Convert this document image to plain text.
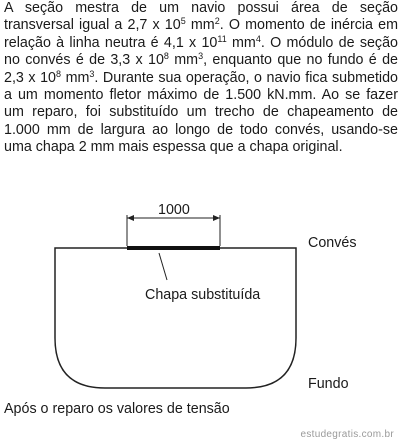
A seção mestra de um navio possui área de seção transversal igual a 2,7 x $10^5$ $mm^2$. O momento de inércia em relação à linha neutra é 4,1 x $10^{11}$ $mm^4$. O módulo de seção no convés é de 3,3 x $10^8$ $mm^3$, enquanto que no fundo é de 2,3 x $10^8$ $mm^3$. Durante sua operação, o navio fica submetido a um momento fletor máximo de 1.500 kN.mm. Ao se fazer um reparo, foi substituído um trecho de chapeamento de 1.000 mm de largura ao longo de todo convés, usando-se uma chapa 2 mm mais espessa que a chapa original.

1000
Convés
Chapa substituída
Fundo
Após o reparo os valores de tensão
estudegratis.com.br
